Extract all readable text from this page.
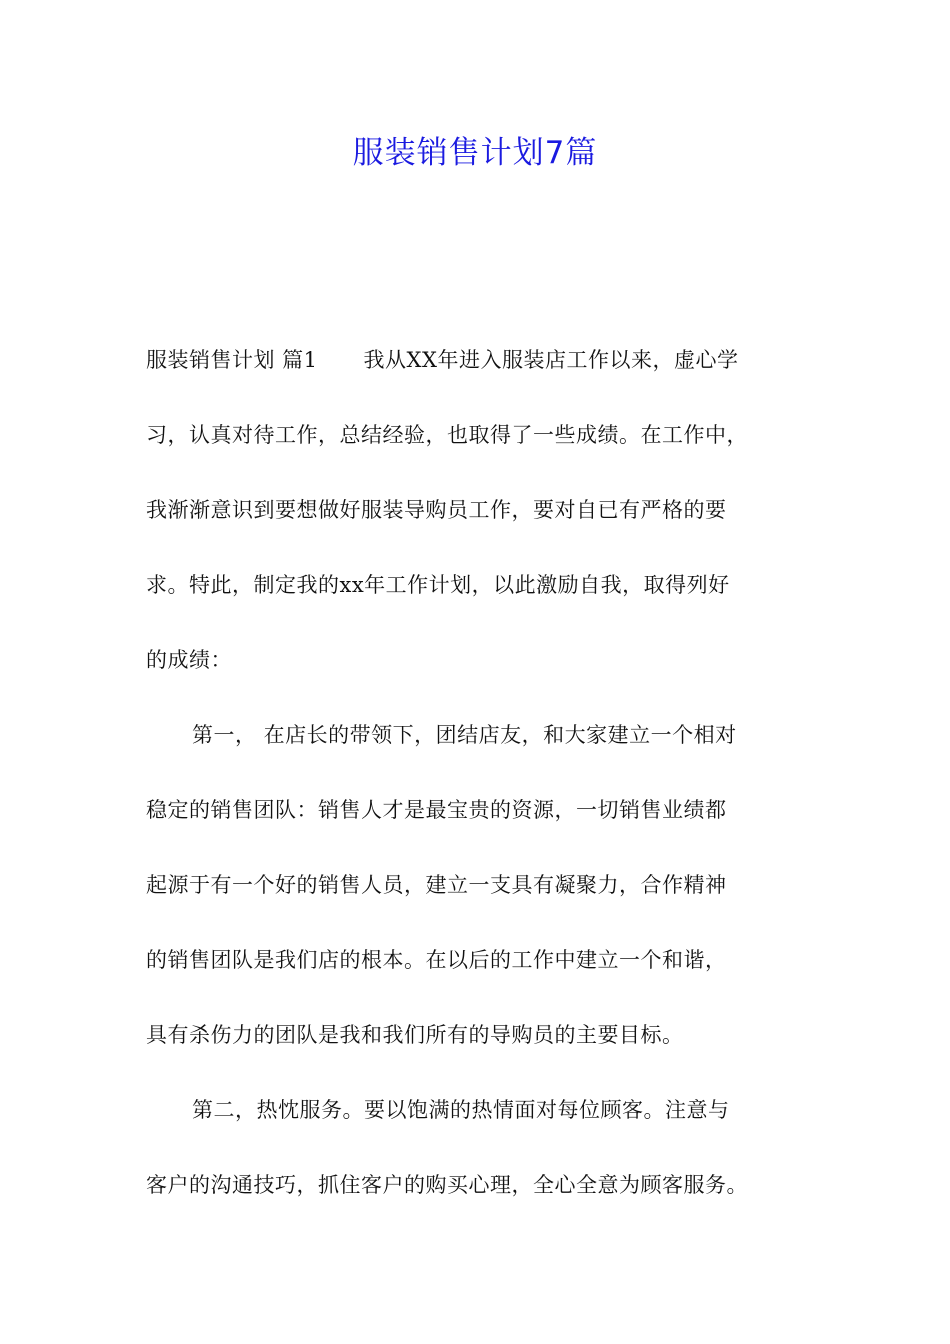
服装销售计划7篇
服装销售计划 篇1 我从XX年进入服装店工作以来，虚心学
习，认真对待工作，总结经验，也取得了一些成绩。在工作中，
我渐渐意识到要想做好服装导购员工作，要对自已有严格的要
求。特此，制定我的xx年工作计划，以此激励自我，取得列好
的成绩：
第一， 在店长的带领下，团结店友，和大家建立一个相对
稳定的销售团队：销售人才是最宝贵的资源，一切销售业绩都
起源于有一个好的销售人员，建立一支具有凝聚力，合作精神
的销售团队是我们店的根本。在以后的工作中建立一个和谐，
具有杀伤力的团队是我和我们所有的导购员的主要目标。
第二，热忱服务。要以饱满的热情面对每位顾客。注意与
客户的沟通技巧，抓住客户的购买心理，全心全意为顾客服务。
